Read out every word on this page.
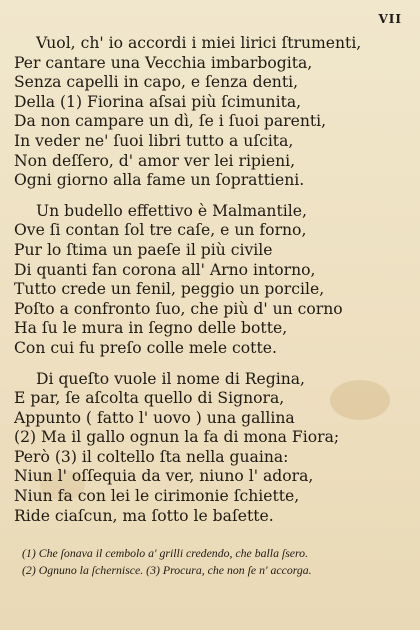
VII
Vuol, ch' io accordi i miei lirici ſtrumenti,
Per cantare una Vecchia imbarbogita,
Senza capelli in capo, e ſenza denti,
Della (1) Fiorina aſsai più ſcimunita,
Da non campare un dì, ſe i ſuoi parenti,
In veder ne' ſuoi libri tutto a uſcita,
Non deſſero, d' amor ver lei ripieni,
Ogni giorno alla fame un ſoprattieni.
Un budello effettivo è Malmantile,
Ove ſi contan ſol tre caſe, e un forno,
Pur lo ſtima un paeſe il più civile
Di quanti fan corona all' Arno intorno,
Tutto crede un fenil, peggio un porcile,
Poſto a confronto ſuo, che più d' un corno
Ha ſu le mura in ſegno delle botte,
Con cui fu preſo colle mele cotte.
Di queſto vuole il nome di Regina,
E par, ſe aſcolta quello di Signora,
Appunto ( fatto l' uovo ) una gallina
(2) Ma il gallo ognun la fa di mona Fiora;
Però (3) il coltello ſta nella guaina:
Niun l' oſſequia da ver, niuno l' adora,
Niun fa con lei le cirimonie ſchiette,
Ride ciaſcun, ma ſotto le baſette.
(1) Che ſonava il cembolo a' grilli credendo, che balla ſsero.
(2) Ognuno la ſchernisce. (3) Procura, che non ſe n' accorga.
